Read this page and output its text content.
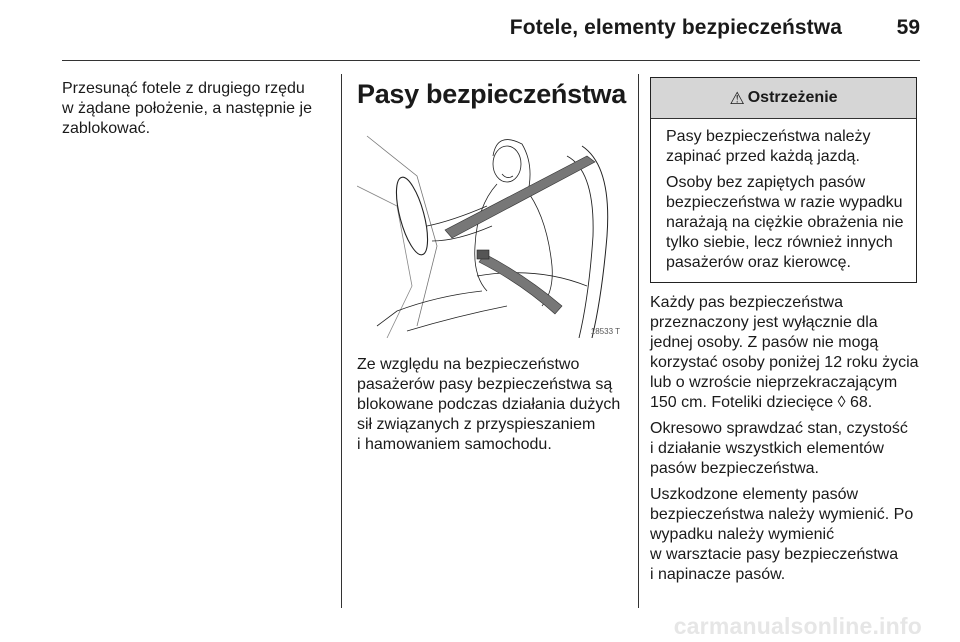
Fotele, elementy bezpieczeństwa	59

Przesunąć fotele z drugiego rzędu
w żądane położenie, a następnie je
zablokować.

Pasy bezpieczeństwa
18533 T

Ze względu na bezpieczeństwo
pasażerów pasy bezpieczeństwa są
blokowane podczas działania dużych
sił związanych z przyspieszaniem
i hamowaniem samochodu.

⚠ Ostrzeżenie

Pasy bezpieczeństwa należy
zapinać przed każdą jazdą.

Osoby bez zapiętych pasów
bezpieczeństwa w razie wypadku
narażają na ciężkie obrażenia nie
tylko siebie, lecz również innych
pasażerów oraz kierowcę.

Każdy pas bezpieczeństwa
przeznaczony jest wyłącznie dla
jednej osoby. Z pasów nie mogą
korzystać osoby poniżej 12 roku życia
lub o wzroście nieprzekraczającym
150 cm. Foteliki dziecięce ◊ 68.

Okresowo sprawdzać stan, czystość
i działanie wszystkich elementów
pasów bezpieczeństwa.

Uszkodzone elementy pasów
bezpieczeństwa należy wymienić. Po
wypadku należy wymienić
w warsztacie pasy bezpieczeństwa
i napinacze pasów.

carmanualsonline.info
